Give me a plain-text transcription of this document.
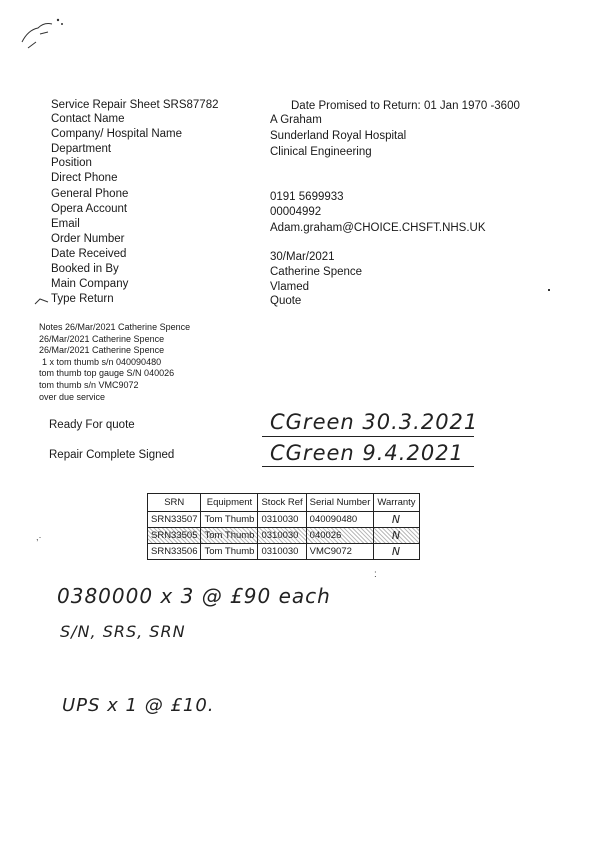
Service Repair Sheet SRS87782	Date Promised to Return: 01 Jan 1970 -3600
Contact Name	A Graham
Company/ Hospital Name	Sunderland Royal Hospital
Department	Clinical Engineering
Position
Direct Phone
General Phone	0191 5699933
Opera Account	00004992
Email	Adam.graham@CHOICE.CHSFT.NHS.UK
Order Number
Date Received	30/Mar/2021
Booked in By	Catherine Spence
Main Company	Vlamed
Type Return	Quote
Notes 26/Mar/2021 Catherine Spence
26/Mar/2021 Catherine Spence
26/Mar/2021 Catherine Spence
1 x tom thumb s/n 040090480
tom thumb top gauge S/N 040026
tom thumb s/n VMC9072
over due service
Ready For quote	CGreen 30.3.2021
Repair Complete Signed	CGreen 9.4.2021
SRN	Equipment	Stock Ref	Serial Number	Warranty
SRN33507	Tom Thumb	0310030	040090480	N
SRN33505	Tom Thumb	0310030	040026	N
SRN33506	Tom Thumb	0310030	VMC9072	N
,·
:
0380000 x 3 @ £90 each
S/N, SRS, SRN
UPS x 1 @ £10.
